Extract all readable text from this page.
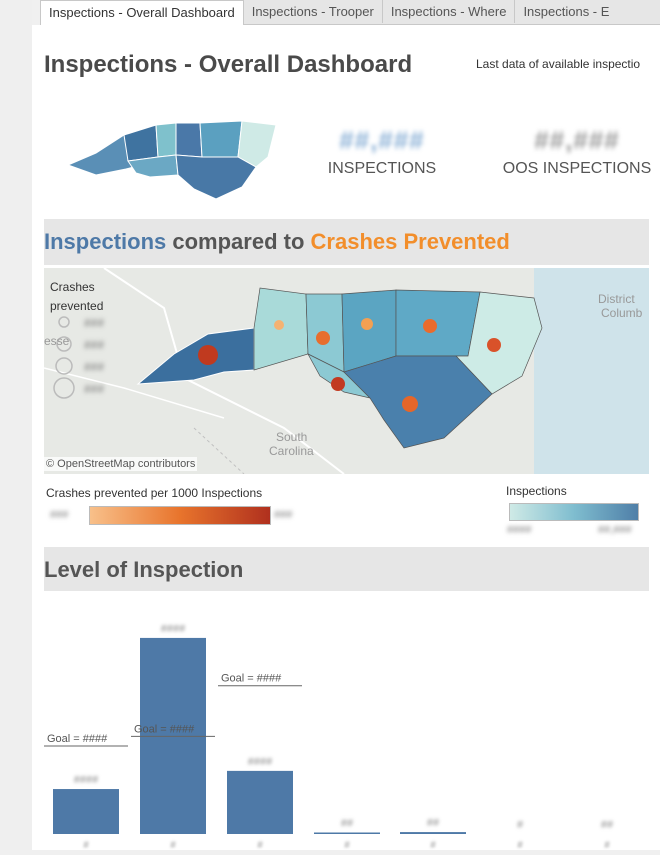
Inspections - Overall Dashboard	Inspections - Trooper	Inspections - Where	Inspections - E
Inspections - Overall Dashboard	Last data of available inspectio
##,###
INSPECTIONS
##,###
OOS INSPECTIONS
Inspections compared to Crashes Prevented
Crashes prevented
###
###
###
###
esse
District
Columb
South
Carolina
© OpenStreetMap contributors
Crashes prevented per 1000 Inspections
###	###
Inspections
####	##,###
Level of Inspection
####
#
####
#
####
#
##
#
##
#
#
#
##
#
Goal = ####
Goal = ####
Goal = ####
